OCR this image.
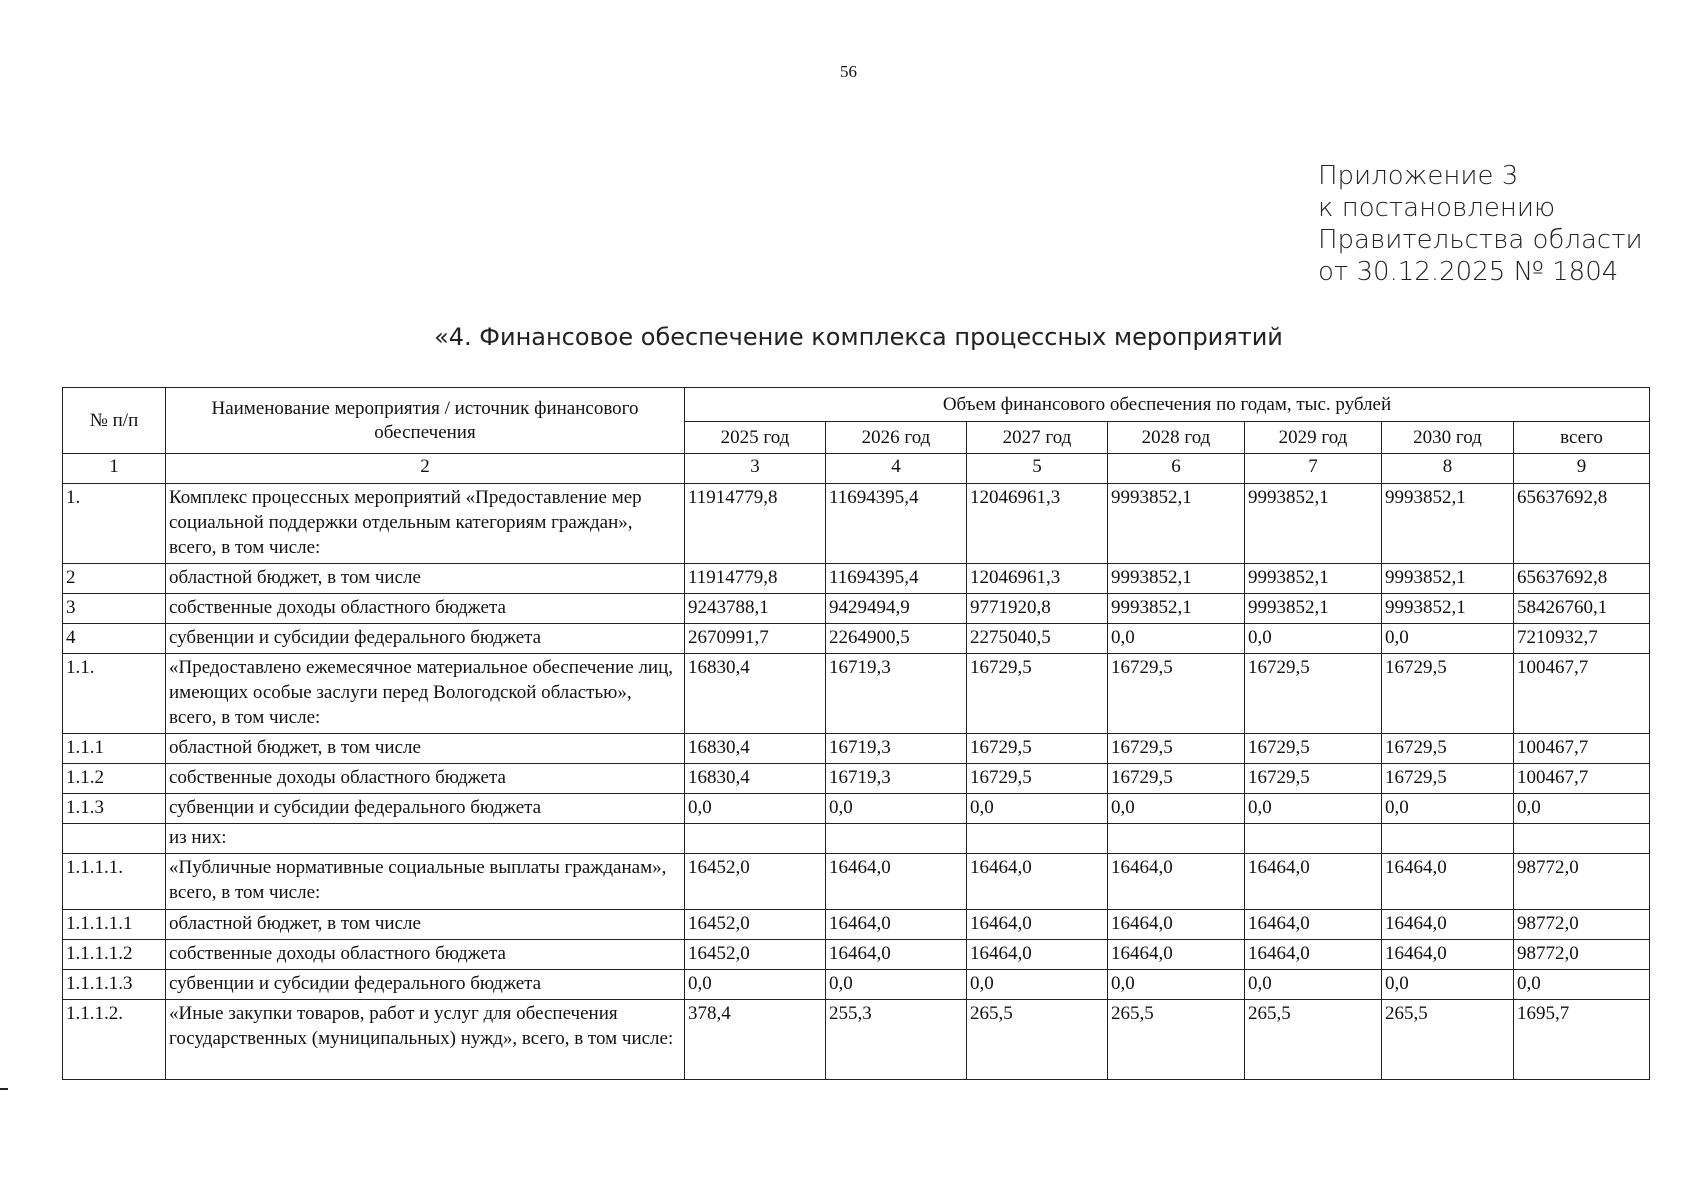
56
Приложение 3
к постановлению
Правительства области
от 30.12.2025 № 1804
«4. Финансовое обеспечение комплекса процессных мероприятий
№ п/п	Наименование мероприятия / источник финансового обеспечения	Объем финансового обеспечения по годам, тыс. рублей						
		2025 год	2026 год	2027 год	2028 год	2029 год	2030 год	всего
1	2	3	4	5	6	7	8	9
1.	Комплекс процессных мероприятий «Предоставление мер социальной поддержки отдельным категориям граждан», всего, в том числе:	11914779,8	11694395,4	12046961,3	9993852,1	9993852,1	9993852,1	65637692,8
2	областной бюджет, в том числе	11914779,8	11694395,4	12046961,3	9993852,1	9993852,1	9993852,1	65637692,8
3	собственные доходы областного бюджета	9243788,1	9429494,9	9771920,8	9993852,1	9993852,1	9993852,1	58426760,1
4	субвенции и субсидии федерального бюджета	2670991,7	2264900,5	2275040,5	0,0	0,0	0,0	7210932,7
1.1.	«Предоставлено ежемесячное материальное обеспечение лиц, имеющих особые заслуги перед Вологодской областью», всего, в том числе:	16830,4	16719,3	16729,5	16729,5	16729,5	16729,5	100467,7
1.1.1	областной бюджет, в том числе	16830,4	16719,3	16729,5	16729,5	16729,5	16729,5	100467,7
1.1.2	собственные доходы областного бюджета	16830,4	16719,3	16729,5	16729,5	16729,5	16729,5	100467,7
1.1.3	субвенции и субсидии федерального бюджета	0,0	0,0	0,0	0,0	0,0	0,0	0,0
	из них:							
1.1.1.1.	«Публичные нормативные социальные выплаты гражданам», всего, в том числе:	16452,0	16464,0	16464,0	16464,0	16464,0	16464,0	98772,0
1.1.1.1.1	областной бюджет, в том числе	16452,0	16464,0	16464,0	16464,0	16464,0	16464,0	98772,0
1.1.1.1.2	собственные доходы областного бюджета	16452,0	16464,0	16464,0	16464,0	16464,0	16464,0	98772,0
1.1.1.1.3	субвенции и субсидии федерального бюджета	0,0	0,0	0,0	0,0	0,0	0,0	0,0
1.1.1.2.	«Иные закупки товаров, работ и услуг для обеспечения государственных (муниципальных) нужд», всего, в том числе:	378,4	255,3	265,5	265,5	265,5	265,5	1695,7
